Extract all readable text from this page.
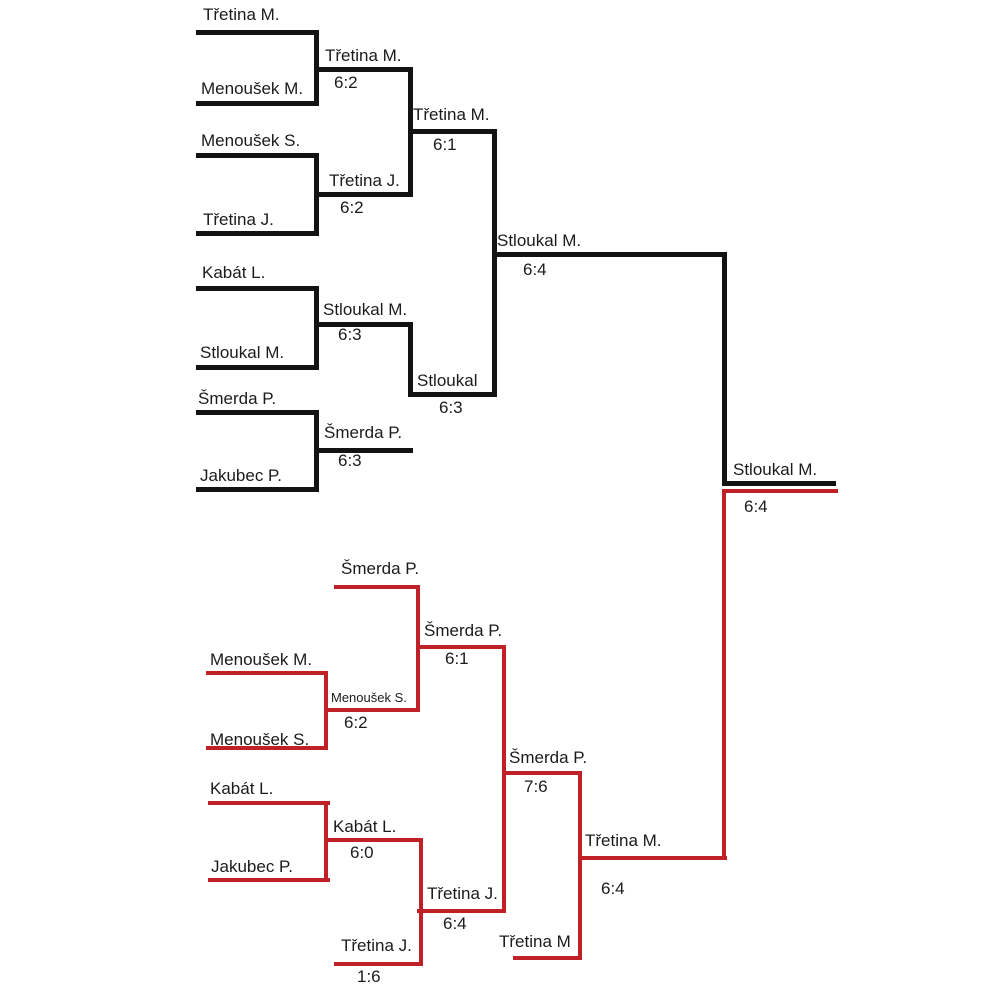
Třetina M.
Menoušek M.
Třetina M.
6:2
Menoušek S.
Třetina J.
Třetina J.
6:2
Kabát L.
Stloukal M.
Stloukal M.
6:3
Šmerda P.
Jakubec P.
Šmerda P.
6:3
Třetina M.
6:1
Stloukal
6:3
Stloukal M.
6:4
Stloukal M.
6:4
Šmerda P.
Menoušek M.
Menoušek S.
Menoušek S.
6:2
Kabát L.
Jakubec P.
Kabát L.
6:0
Třetina J.
1:6
Šmerda P.
6:1
Třetina J.
6:4
Šmerda P.
7:6
Třetina M
Třetina M.
6:4
